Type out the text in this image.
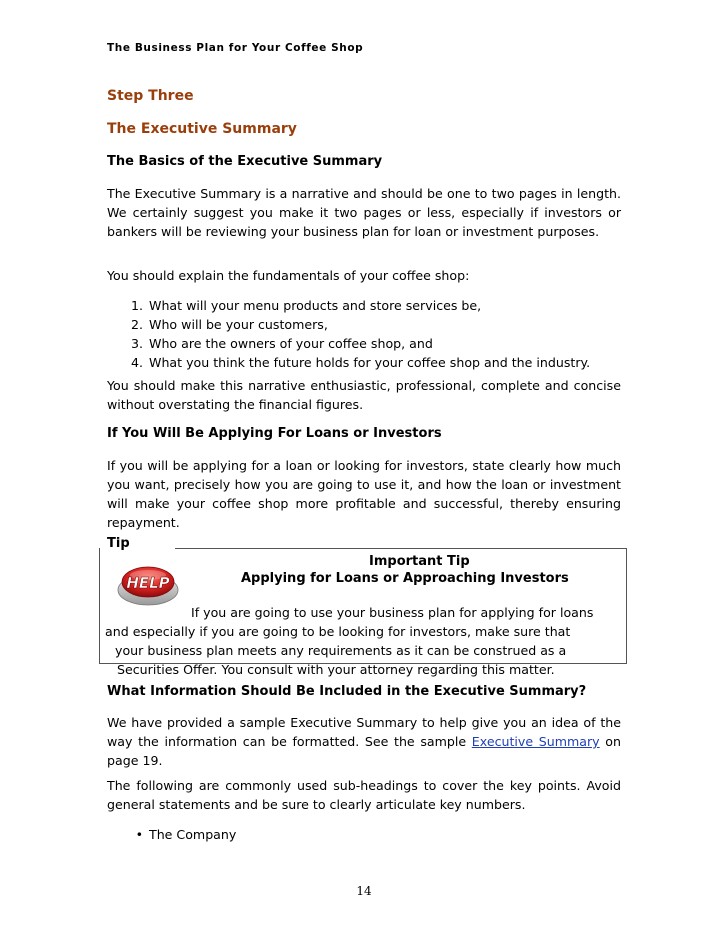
The Business Plan for Your Coffee Shop
Step Three
The Executive Summary
The Basics of the Executive Summary
The Executive Summary is a narrative and should be one to two pages in length. We certainly suggest you make it two pages or less, especially if investors or bankers will be reviewing your business plan for loan or investment purposes.
You should explain the fundamentals of your coffee shop:
1. What will your menu products and store services be,
2. Who will be your customers,
3. Who are the owners of your coffee shop, and
4. What you think the future holds for your coffee shop and the industry.
You should make this narrative enthusiastic, professional, complete and concise without overstating the financial figures.
If You Will Be Applying For Loans or Investors
If you will be applying for a loan or looking for investors, state clearly how much you want, precisely how you are going to use it, and how the loan or investment will make your coffee shop more profitable and successful, thereby ensuring repayment.
Tip
HELP
Important Tip
Applying for Loans or Approaching Investors
If you are going to use your business plan for applying for loans
and especially if you are going to be looking for investors, make sure that
your business plan meets any requirements as it can be construed as a
Securities Offer. You consult with your attorney regarding this matter.
What Information Should Be Included in the Executive Summary?
We have provided a sample Executive Summary to help give you an idea of the way the information can be formatted. See the sample Executive Summary on page 19.
The following are commonly used sub-headings to cover the key points. Avoid general statements and be sure to clearly articulate key numbers.
• The Company
14
